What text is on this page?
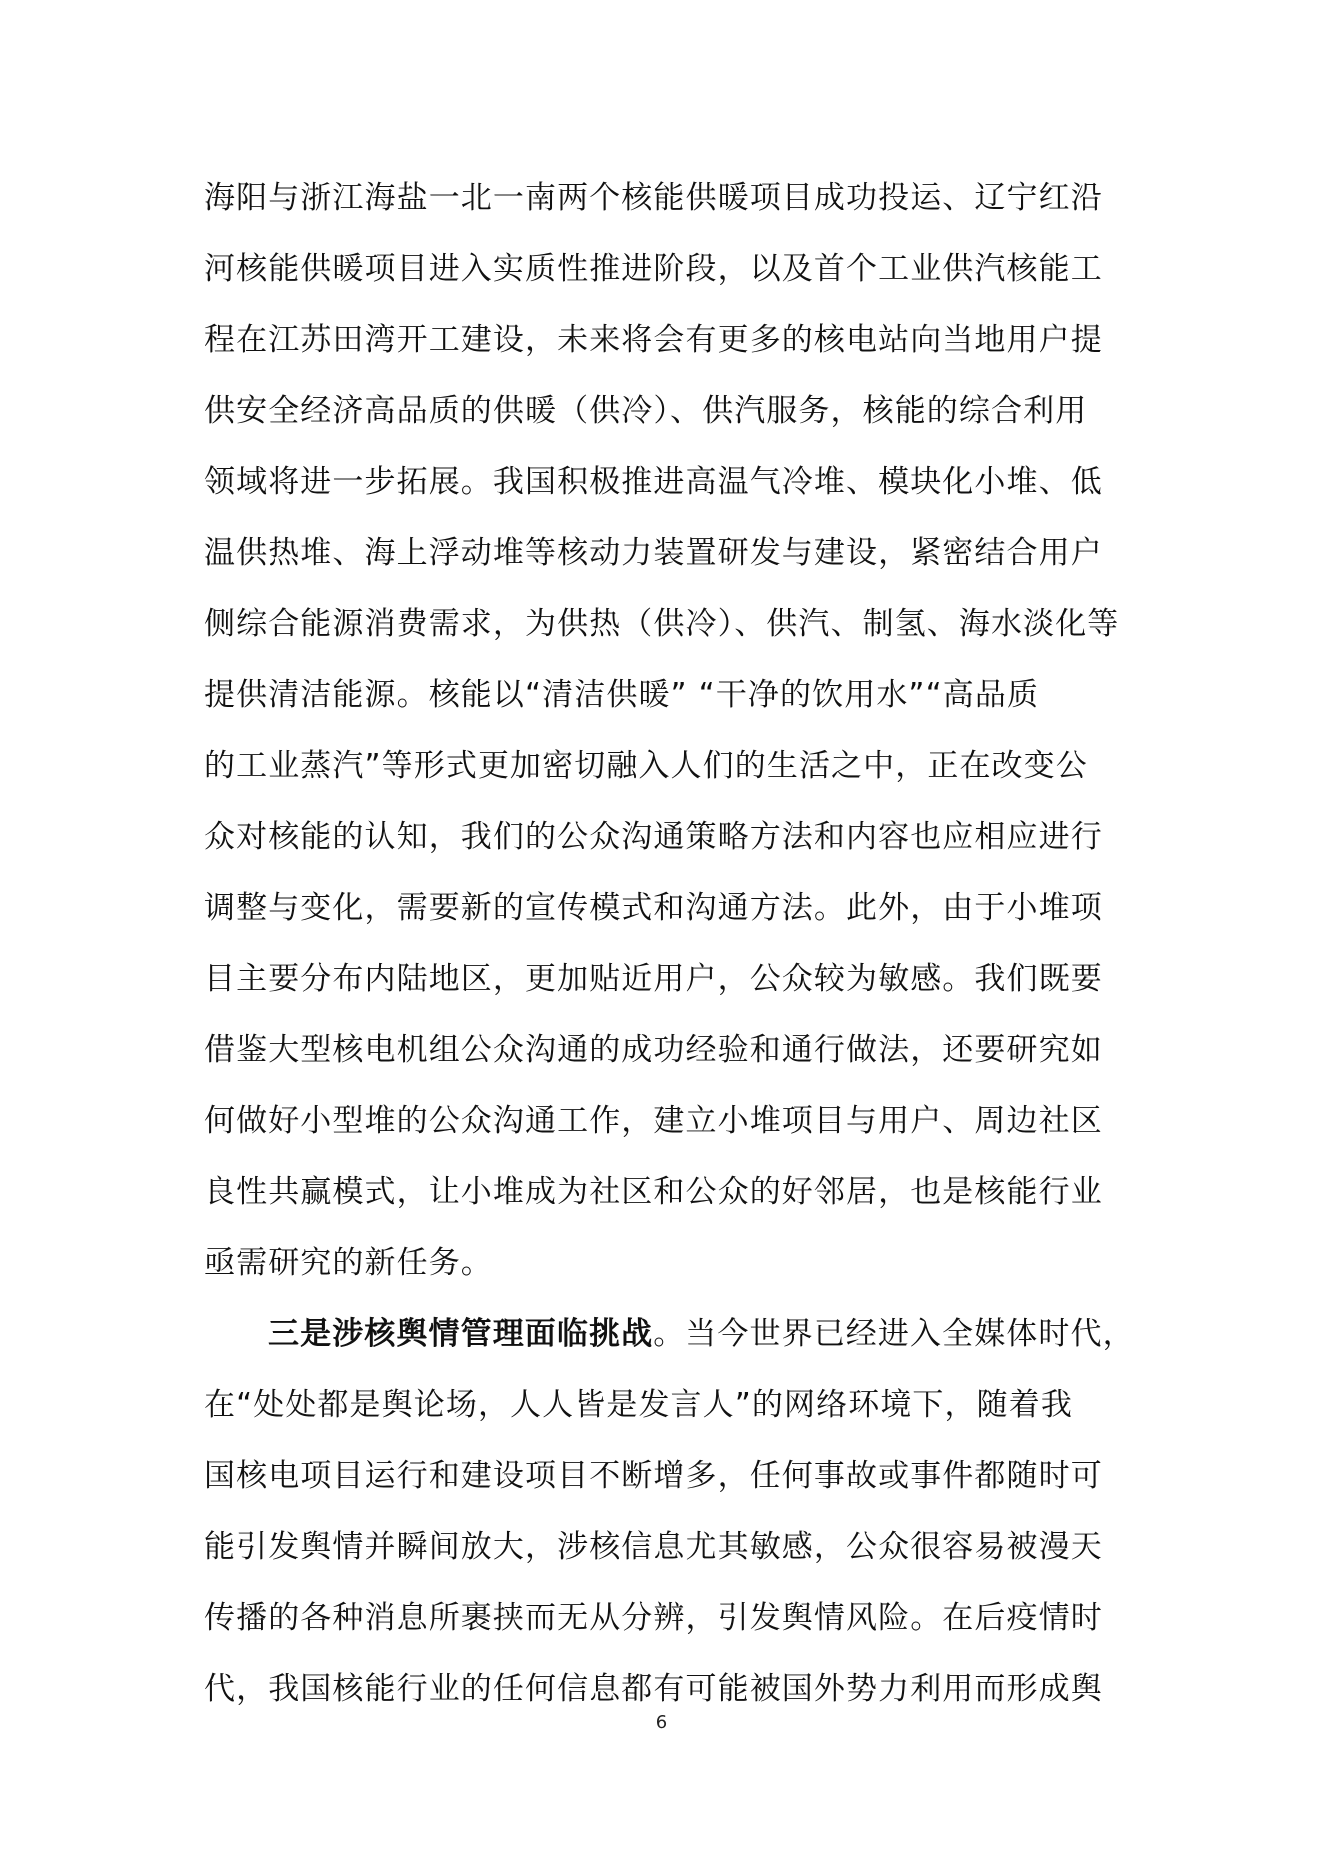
海阳与浙江海盐一北一南两个核能供暖项目成功投运、辽宁红沿
河核能供暖项目进入实质性推进阶段，以及首个工业供汽核能工
程在江苏田湾开工建设，未来将会有更多的核电站向当地用户提
供安全经济高品质的供暖（供冷）、供汽服务，核能的综合利用
领域将进一步拓展。我国积极推进高温气冷堆、模块化小堆、低
温供热堆、海上浮动堆等核动力装置研发与建设，紧密结合用户
侧综合能源消费需求，为供热（供冷）、供汽、制氢、海水淡化等
提供清洁能源。核能以“清洁供暖” “干净的饮用水”“高品质
的工业蒸汽”等形式更加密切融入人们的生活之中，正在改变公
众对核能的认知，我们的公众沟通策略方法和内容也应相应进行
调整与变化，需要新的宣传模式和沟通方法。此外，由于小堆项
目主要分布内陆地区，更加贴近用户，公众较为敏感。我们既要
借鉴大型核电机组公众沟通的成功经验和通行做法，还要研究如
何做好小型堆的公众沟通工作，建立小堆项目与用户、周边社区
良性共赢模式，让小堆成为社区和公众的好邻居，也是核能行业
亟需研究的新任务。
三是涉核舆情管理面临挑战。当今世界已经进入全媒体时代，
在“处处都是舆论场，人人皆是发言人”的网络环境下，随着我
国核电项目运行和建设项目不断增多，任何事故或事件都随时可
能引发舆情并瞬间放大，涉核信息尤其敏感，公众很容易被漫天
传播的各种消息所裹挟而无从分辨，引发舆情风险。在后疫情时
代，我国核能行业的任何信息都有可能被国外势力利用而形成舆
6
